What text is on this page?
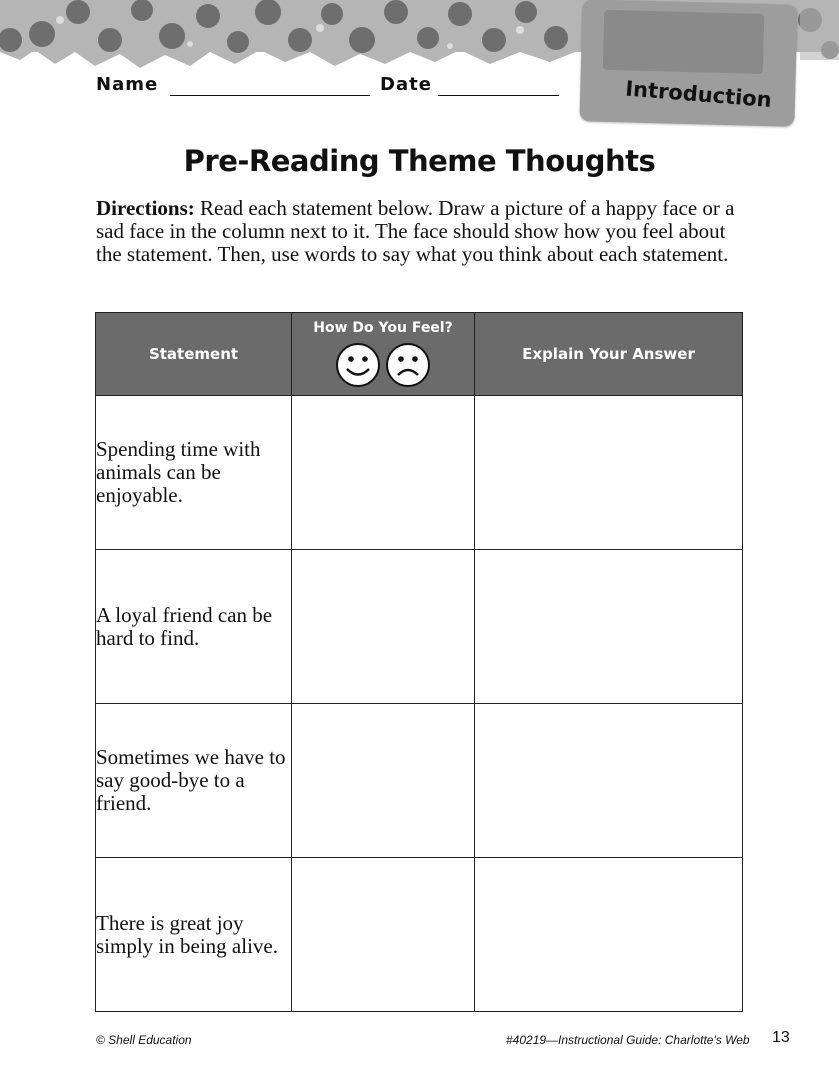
Introduction
Name	Date
Pre-Reading Theme Thoughts
Directions: Read each statement below. Draw a picture of a happy face or a sad face in the column next to it. The face should show how you feel about the statement. Then, use words to say what you think about each statement.
Statement	How Do You Feel?	Explain Your Answer
Spending time with animals can be enjoyable.		
A loyal friend can be hard to find.		
Sometimes we have to say good-bye to a friend.		
There is great joy simply in being alive.		
© Shell Education	#40219—Instructional Guide: Charlotte's Web 13
